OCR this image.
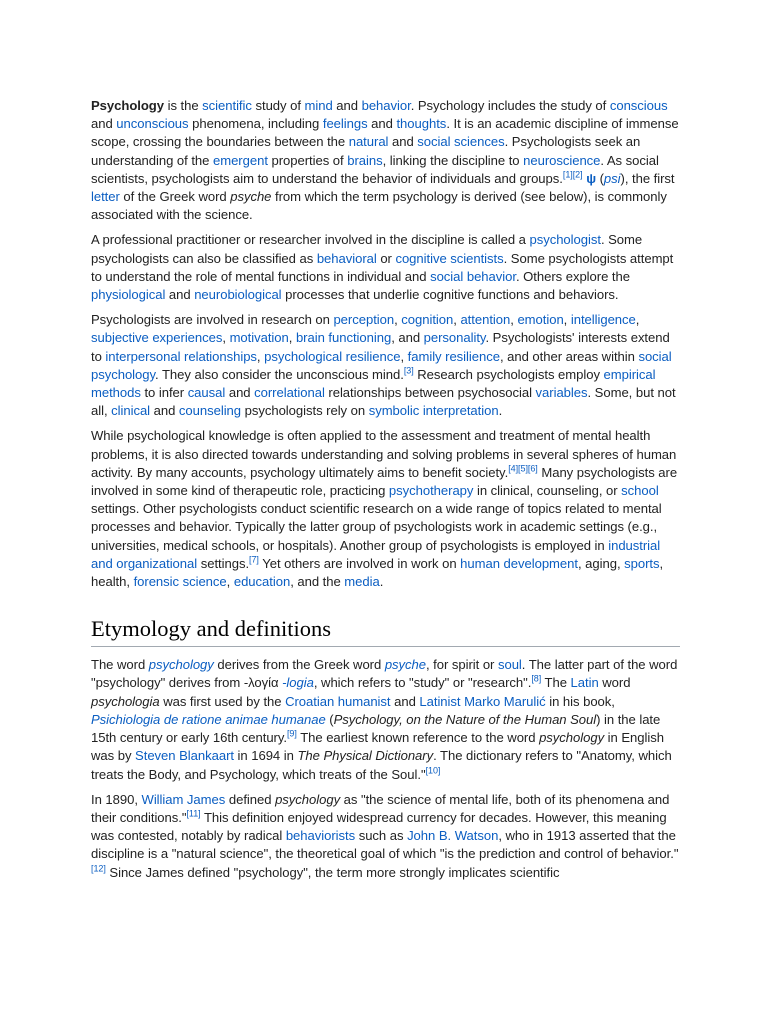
Psychology is the scientific study of mind and behavior. Psychology includes the study of conscious and unconscious phenomena, including feelings and thoughts. It is an academic discipline of immense scope, crossing the boundaries between the natural and social sciences. Psychologists seek an understanding of the emergent properties of brains, linking the discipline to neuroscience. As social scientists, psychologists aim to understand the behavior of individuals and groups.[1][2] ψ (psi), the first letter of the Greek word psyche from which the term psychology is derived (see below), is commonly associated with the science.

A professional practitioner or researcher involved in the discipline is called a psychologist. Some psychologists can also be classified as behavioral or cognitive scientists. Some psychologists attempt to understand the role of mental functions in individual and social behavior. Others explore the physiological and neurobiological processes that underlie cognitive functions and behaviors.

Psychologists are involved in research on perception, cognition, attention, emotion, intelligence, subjective experiences, motivation, brain functioning, and personality. Psychologists' interests extend to interpersonal relationships, psychological resilience, family resilience, and other areas within social psychology. They also consider the unconscious mind.[3] Research psychologists employ empirical methods to infer causal and correlational relationships between psychosocial variables. Some, but not all, clinical and counseling psychologists rely on symbolic interpretation.

While psychological knowledge is often applied to the assessment and treatment of mental health problems, it is also directed towards understanding and solving problems in several spheres of human activity. By many accounts, psychology ultimately aims to benefit society.[4][5][6] Many psychologists are involved in some kind of therapeutic role, practicing psychotherapy in clinical, counseling, or school settings. Other psychologists conduct scientific research on a wide range of topics related to mental processes and behavior. Typically the latter group of psychologists work in academic settings (e.g., universities, medical schools, or hospitals). Another group of psychologists is employed in industrial and organizational settings.[7] Yet others are involved in work on human development, aging, sports, health, forensic science, education, and the media.

Etymology and definitions

The word psychology derives from the Greek word psyche, for spirit or soul. The latter part of the word "psychology" derives from -λογία -logia, which refers to "study" or "research".[8] The Latin word psychologia was first used by the Croatian humanist and Latinist Marko Marulić in his book, Psichiologia de ratione animae humanae (Psychology, on the Nature of the Human Soul) in the late 15th century or early 16th century.[9] The earliest known reference to the word psychology in English was by Steven Blankaart in 1694 in The Physical Dictionary. The dictionary refers to "Anatomy, which treats the Body, and Psychology, which treats of the Soul."[10]

In 1890, William James defined psychology as "the science of mental life, both of its phenomena and their conditions."[11] This definition enjoyed widespread currency for decades. However, this meaning was contested, notably by radical behaviorists such as John B. Watson, who in 1913 asserted that the discipline is a "natural science", the theoretical goal of which "is the prediction and control of behavior."[12] Since James defined "psychology", the term more strongly implicates scientific
